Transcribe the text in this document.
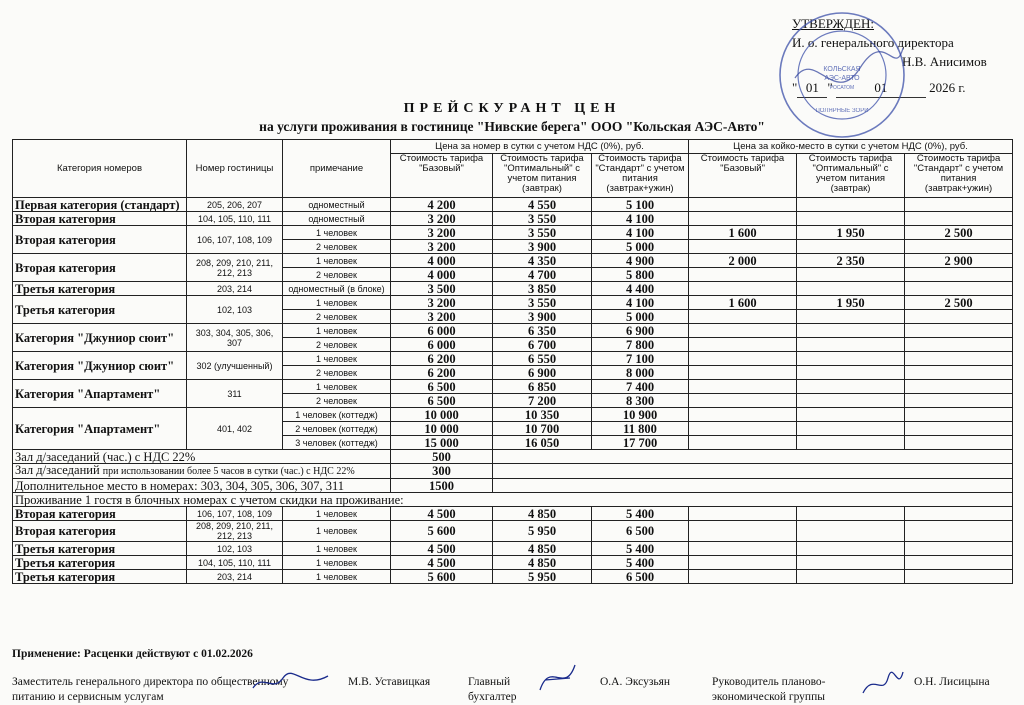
УТВЕРЖДЕН:
И. о. генерального директора
Н.В. Анисимов
" 01 "	01	2026 г.
КОЛЬСКАЯ
АЭС-АВТО
РОСАТОМ
ПОЛЯРНЫЕ ЗОРИ
ПРЕЙСКУРАНТ ЦЕН
на услуги проживания в гостинице "Нивские берега" ООО "Кольская АЭС-Авто"
Категория номеров	Номер гостиницы	примечание	Цена за номер в сутки с учетом НДС (0%), руб.			Цена за койко-место в сутки с учетом НДС (0%), руб.		
			Стоимость тарифа "Базовый"	Стоимость тарифа "Оптимальный" с учетом питания (завтрак)	Стоимость тарифа "Стандарт" с учетом питания (завтрак+ужин)	Стоимость тарифа "Базовый"	Стоимость тарифа "Оптимальный" с учетом питания (завтрак)	Стоимость тарифа "Стандарт" с учетом питания (завтрак+ужин)
Первая категория (стандарт)	205, 206, 207	одноместный	4 200	4 550	5 100			
Вторая категория	104, 105, 110, 111	одноместный	3 200	3 550	4 100			
Вторая категория	106, 107, 108, 109	1 человек	3 200	3 550	4 100	1 600	1 950	2 500
		2 человек	3 200	3 900	5 000			
Вторая категория	208, 209, 210, 211, 212, 213	1 человек	4 000	4 350	4 900	2 000	2 350	2 900
		2 человек	4 000	4 700	5 800			
Третья категория	203, 214	одноместный (в блоке)	3 500	3 850	4 400			
Третья категория	102, 103	1 человек	3 200	3 550	4 100	1 600	1 950	2 500
		2 человек	3 200	3 900	5 000			
Категория "Джуниор сюит"	303, 304, 305, 306, 307	1 человек	6 000	6 350	6 900			
		2 человек	6 000	6 700	7 800			
Категория "Джуниор сюит"	302 (улучшенный)	1 человек	6 200	6 550	7 100			
		2 человек	6 200	6 900	8 000			
Категория "Апартамент"	311	1 человек	6 500	6 850	7 400			
		2 человек	6 500	7 200	8 300			
Категория "Апартамент"	401, 402	1 человек (коттедж)	10 000	10 350	10 900			
		2 человек (коттедж)	10 000	10 700	11 800			
		3 человек (коттедж)	15 000	16 050	17 700			
Зал д/заседаний (час.) с НДС 22%			500					
Зал д/заседаний при использовании более 5 часов в сутки (час.) с НДС 22%			300					
Дополнительное место в номерах: 303, 304, 305, 306, 307, 311			1500					
Проживание 1 гостя в блочных номерах с учетом скидки на проживание:								
Вторая категория	106, 107, 108, 109	1 человек	4 500	4 850	5 400			
Вторая категория	208, 209, 210, 211, 212, 213	1 человек	5 600	5 950	6 500			
Третья категория	102, 103	1 человек	4 500	4 850	5 400			
Третья категория	104, 105, 110, 111	1 человек	4 500	4 850	5 400			
Третья категория	203, 214	1 человек	5 600	5 950	6 500			
Применение: Расценки действуют с 01.02.2026
Заместитель генерального директора по общественному питанию и сервисным услугам
М.В. Уставицкая	Главный бухгалтер
О.А. Эксузьян	Руководитель планово-экономической группы
О.Н. Лисицына
